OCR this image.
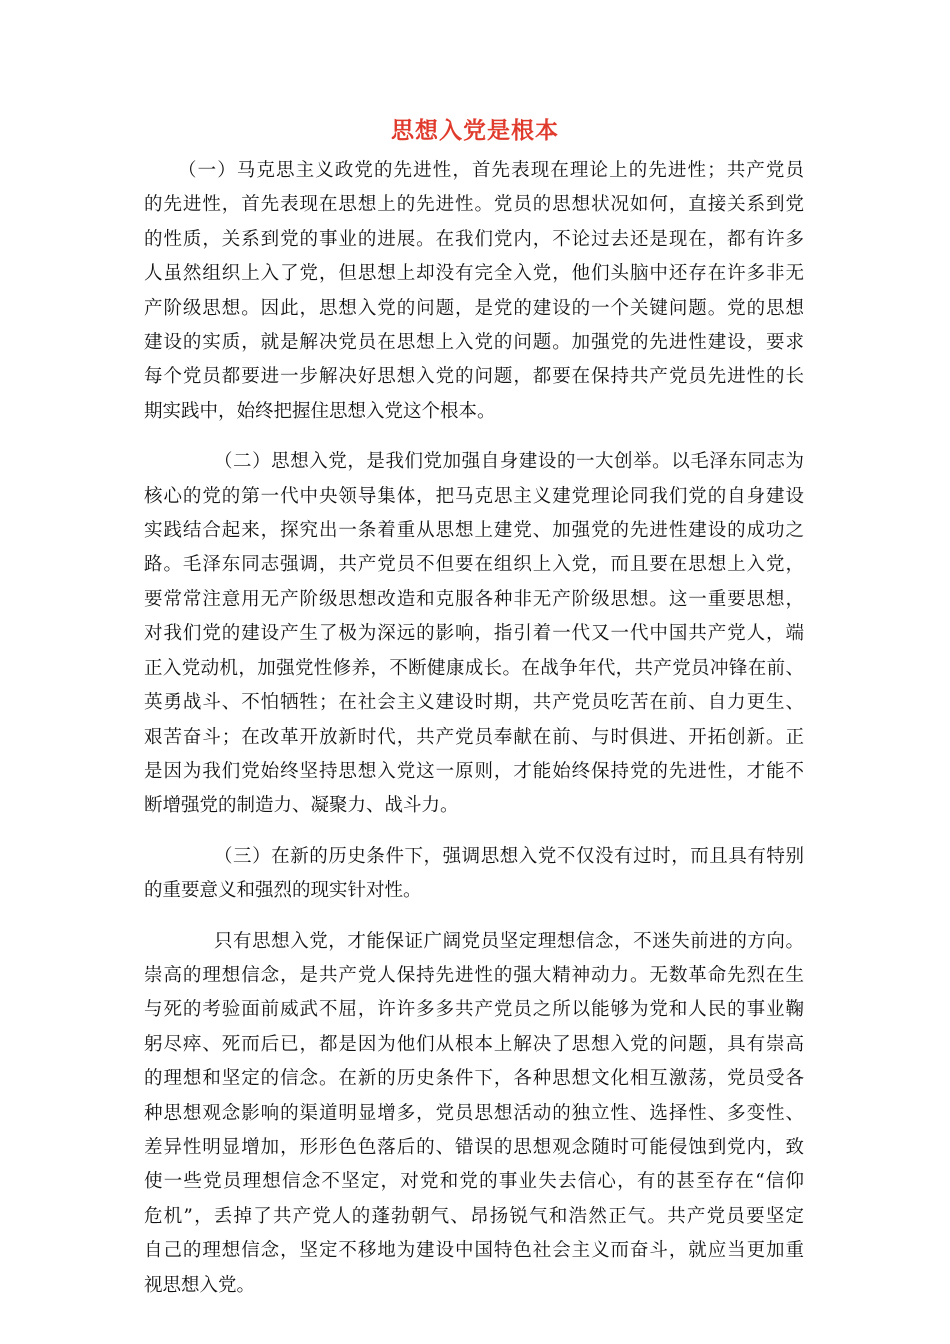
思想入党是根本
（一）马克思主义政党的先进性，首先表现在理论上的先进性；共产党员
的先进性，首先表现在思想上的先进性。党员的思想状况如何，直接关系到党
的性质，关系到党的事业的进展。在我们党内，不论过去还是现在，都有许多
人虽然组织上入了党，但思想上却没有完全入党，他们头脑中还存在许多非无
产阶级思想。因此，思想入党的问题，是党的建设的一个关键问题。党的思想
建设的实质，就是解决党员在思想上入党的问题。加强党的先进性建设，要求
每个党员都要进一步解决好思想入党的问题，都要在保持共产党员先进性的长
期实践中，始终把握住思想入党这个根本。
（二）思想入党，是我们党加强自身建设的一大创举。以毛泽东同志为
核心的党的第一代中央领导集体，把马克思主义建党理论同我们党的自身建设
实践结合起来，探究出一条着重从思想上建党、加强党的先进性建设的成功之
路。毛泽东同志强调，共产党员不但要在组织上入党，而且要在思想上入党，
要常常注意用无产阶级思想改造和克服各种非无产阶级思想。这一重要思想，
对我们党的建设产生了极为深远的影响，指引着一代又一代中国共产党人，端
正入党动机，加强党性修养，不断健康成长。在战争年代，共产党员冲锋在前、
英勇战斗、不怕牺牲；在社会主义建设时期，共产党员吃苦在前、自力更生、
艰苦奋斗；在改革开放新时代，共产党员奉献在前、与时俱进、开拓创新。正
是因为我们党始终坚持思想入党这一原则，才能始终保持党的先进性，才能不
断增强党的制造力、凝聚力、战斗力。
（三）在新的历史条件下，强调思想入党不仅没有过时，而且具有特别
的重要意义和强烈的现实针对性。
只有思想入党，才能保证广阔党员坚定理想信念，不迷失前进的方向。
崇高的理想信念，是共产党人保持先进性的强大精神动力。无数革命先烈在生
与死的考验面前威武不屈，许许多多共产党员之所以能够为党和人民的事业鞠
躬尽瘁、死而后已，都是因为他们从根本上解决了思想入党的问题，具有崇高
的理想和坚定的信念。在新的历史条件下，各种思想文化相互激荡，党员受各
种思想观念影响的渠道明显增多，党员思想活动的独立性、选择性、多变性、
差异性明显增加，形形色色落后的、错误的思想观念随时可能侵蚀到党内，致
使一些党员理想信念不坚定，对党和党的事业失去信心，有的甚至存在“信仰
危机”，丢掉了共产党人的蓬勃朝气、昂扬锐气和浩然正气。共产党员要坚定
自己的理想信念，坚定不移地为建设中国特色社会主义而奋斗，就应当更加重
视思想入党。
